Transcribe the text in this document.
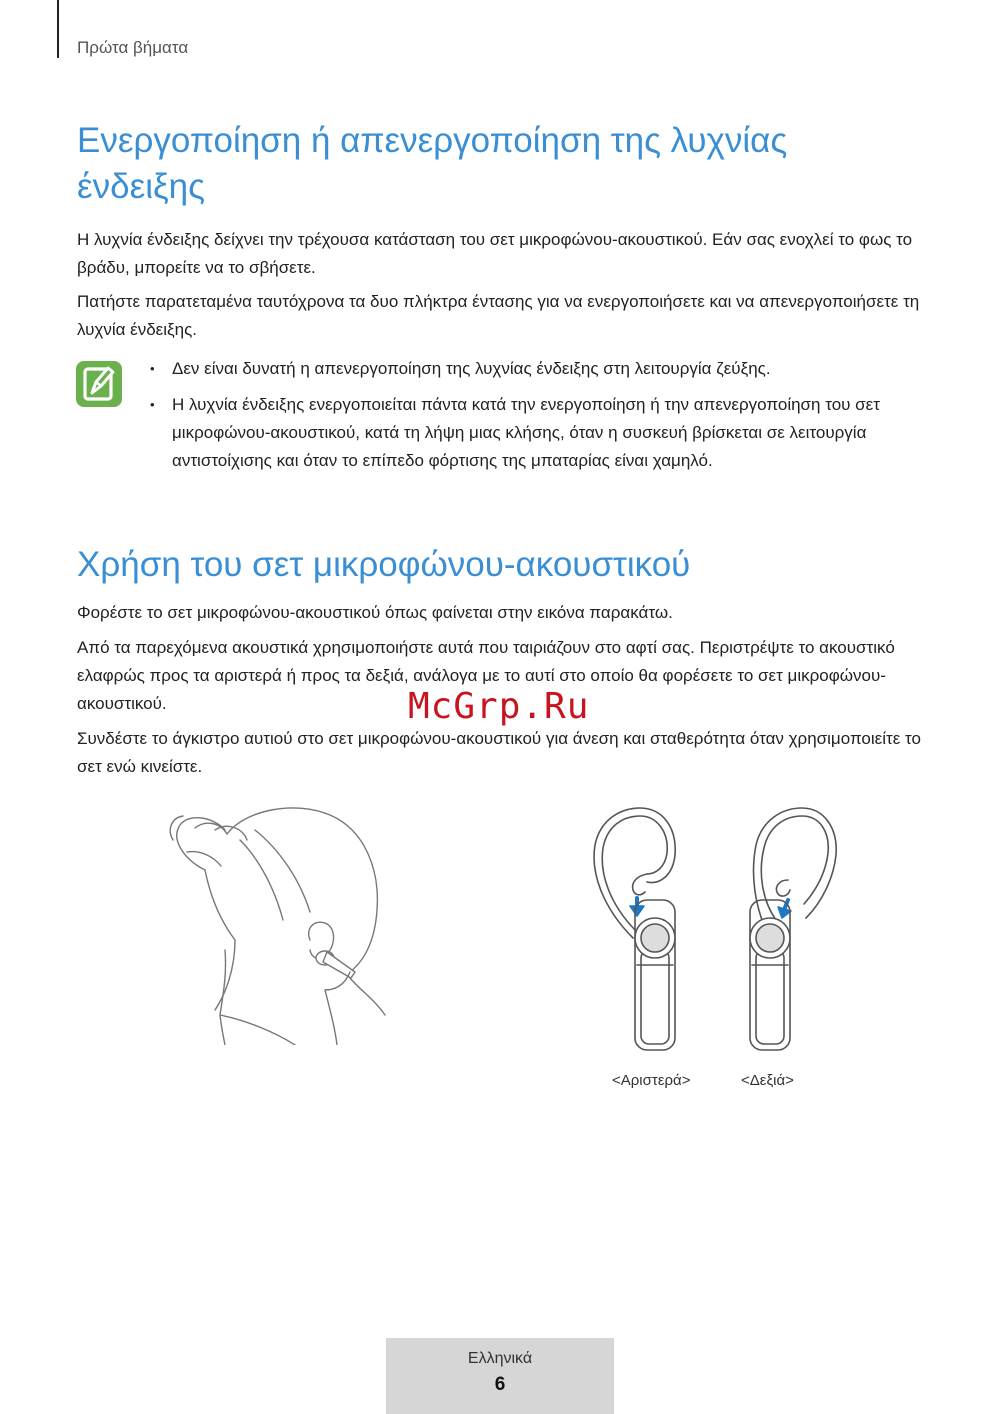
Πρώτα βήματα
Ενεργοποίηση ή απενεργοποίηση της λυχνίας ένδειξης

Η λυχνία ένδειξης δείχνει την τρέχουσα κατάσταση του σετ μικροφώνου-ακουστικού. Εάν σας ενοχλεί το φως το βράδυ, μπορείτε να το σβήσετε.

Πατήστε παρατεταμένα ταυτόχρονα τα δυο πλήκτρα έντασης για να ενεργοποιήσετε και να απενεργοποιήσετε τη λυχνία ένδειξης.

• Δεν είναι δυνατή η απενεργοποίηση της λυχνίας ένδειξης στη λειτουργία ζεύξης.
• Η λυχνία ένδειξης ενεργοποιείται πάντα κατά την ενεργοποίηση ή την απενεργοποίηση του σετ μικροφώνου-ακουστικού, κατά τη λήψη μιας κλήσης, όταν η συσκευή βρίσκεται σε λειτουργία αντιστοίχισης και όταν το επίπεδο φόρτισης της μπαταρίας είναι χαμηλό.
Χρήση του σετ μικροφώνου-ακουστικού

Φορέστε το σετ μικροφώνου-ακουστικού όπως φαίνεται στην εικόνα παρακάτω.

Από τα παρεχόμενα ακουστικά χρησιμοποιήστε αυτά που ταιριάζουν στο αφτί σας. Περιστρέψτε το ακουστικό ελαφρώς προς τα αριστερά ή προς τα δεξιά, ανάλογα με το αυτί στο οποίο θα φορέσετε το σετ μικροφώνου-ακουστικού.

Συνδέστε το άγκιστρο αυτιού στο σετ μικροφώνου-ακουστικού για άνεση και σταθερότητα όταν χρησιμοποιείτε το σετ ενώ κινείστε.

McGrp.Ru
<Αριστερά>	<Δεξιά>
Ελληνικά
6
